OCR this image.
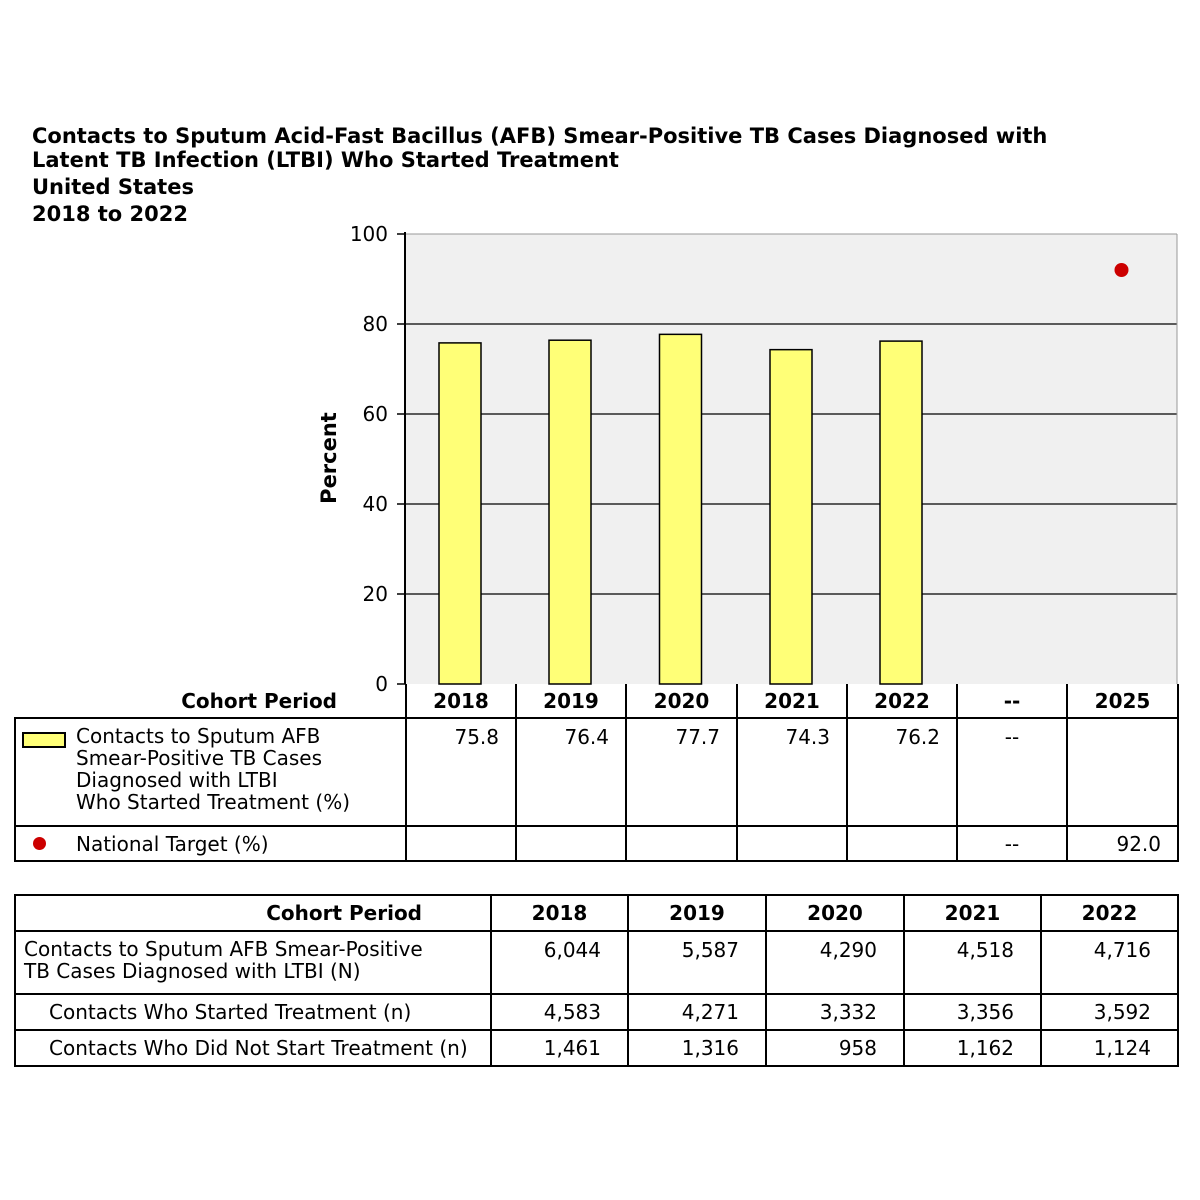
Contacts to Sputum Acid-Fast Bacillus (AFB) Smear-Positive TB Cases Diagnosed with
Latent TB Infection (LTBI) Who Started Treatment
United States
2018 to 2022
0
20
40
60
80
100
Percent
Cohort Period	2018	2019	2020	2021	2022	--	2025

Contacts to Sputum AFB
Smear-Positive TB Cases
Diagnosed with LTBI
Who Started Treatment (%)	75.8	76.4	77.7	74.3	76.2	--	

National Target (%)						--	92.0
Cohort Period	2018	2019	2020	2021	2022

Contacts to Sputum AFB Smear-Positive
TB Cases Diagnosed with LTBI (N)	6,044	5,587	4,290	4,518	4,716
Contacts Who Started Treatment (n)	4,583	4,271	3,332	3,356	3,592
Contacts Who Did Not Start Treatment (n)	1,461	1,316	958	1,162	1,124
